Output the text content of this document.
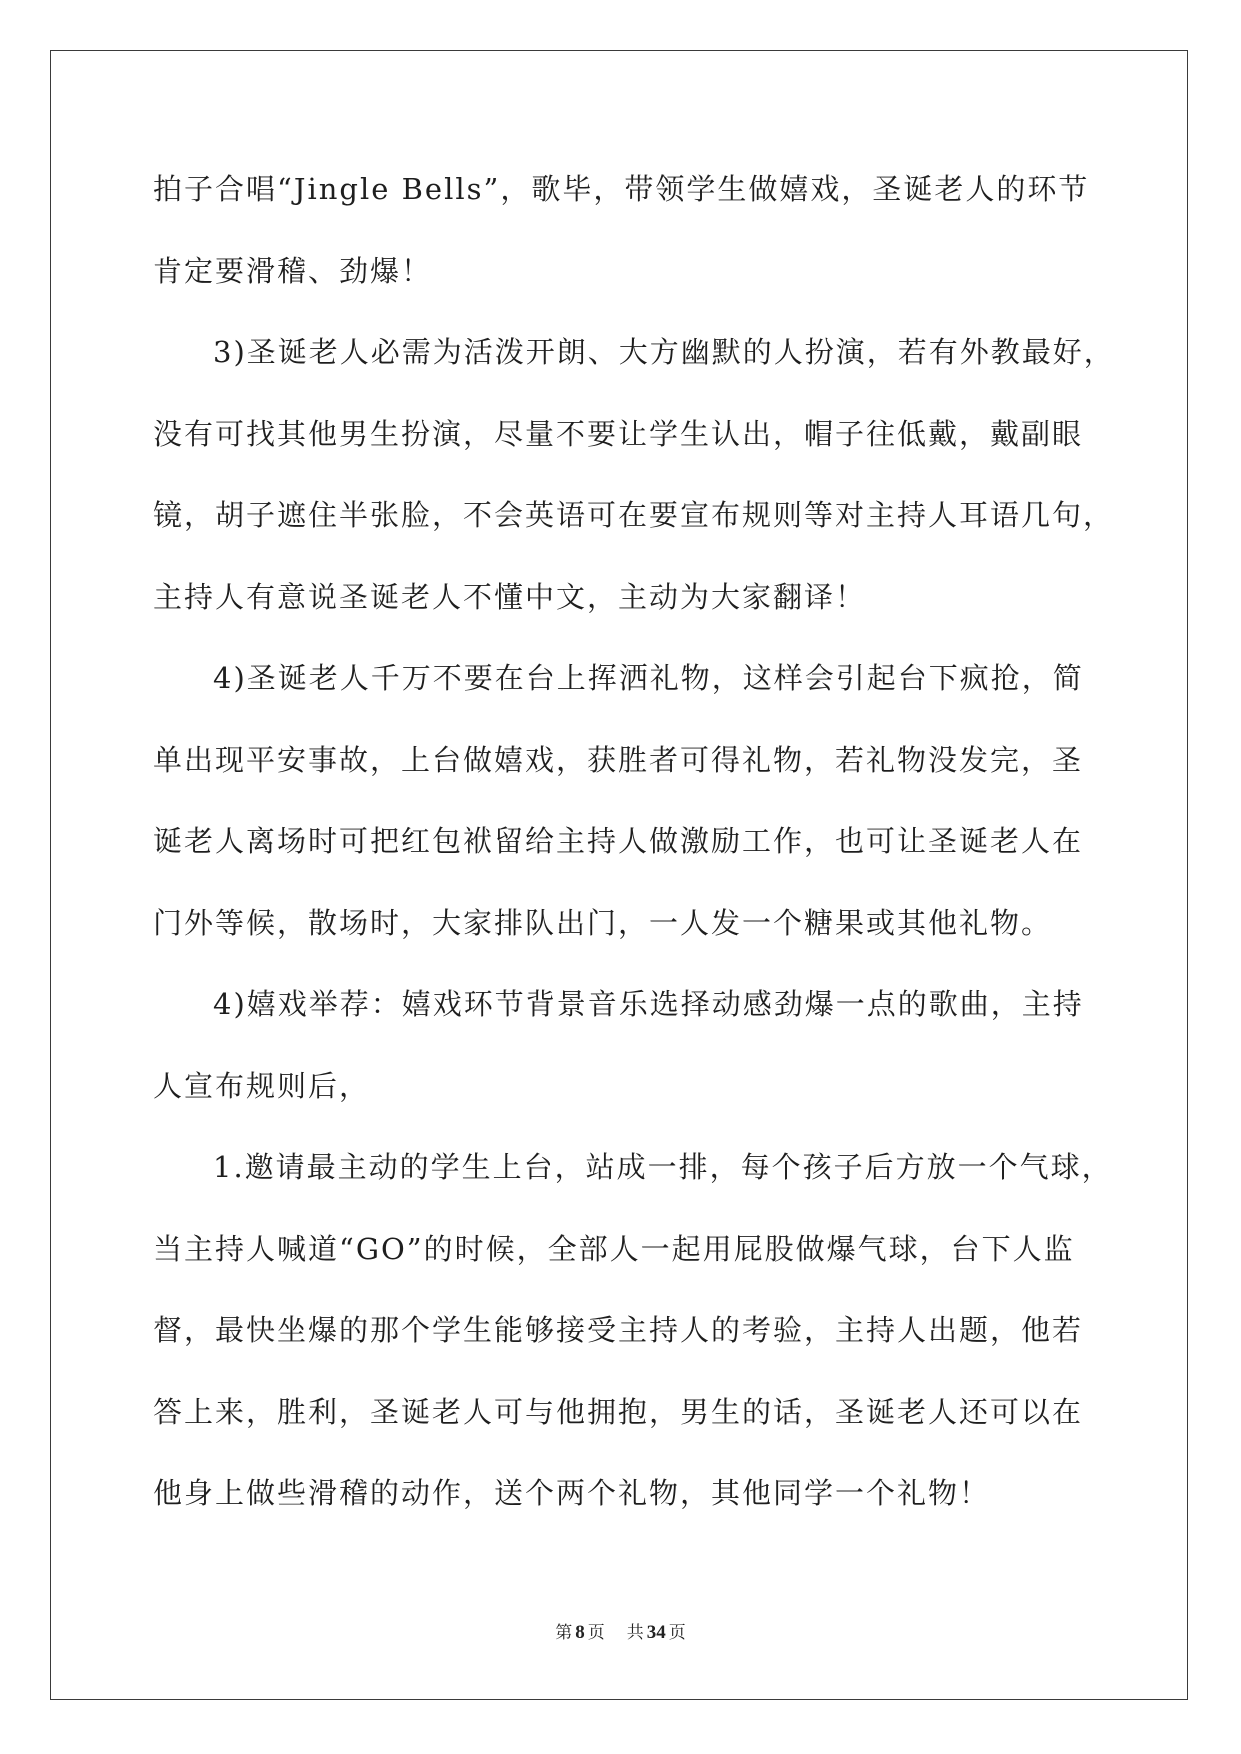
拍子合唱“Jingle Bells”，歌毕，带领学生做嬉戏，圣诞老人的环节
肯定要滑稽、劲爆！
3)圣诞老人必需为活泼开朗、大方幽默的人扮演，若有外教最好，
没有可找其他男生扮演，尽量不要让学生认出，帽子往低戴，戴副眼
镜，胡子遮住半张脸，不会英语可在要宣布规则等对主持人耳语几句，
主持人有意说圣诞老人不懂中文，主动为大家翻译！
4)圣诞老人千万不要在台上挥洒礼物，这样会引起台下疯抢，简
单出现平安事故，上台做嬉戏，获胜者可得礼物，若礼物没发完，圣
诞老人离场时可把红包袱留给主持人做激励工作，也可让圣诞老人在
门外等候，散场时，大家排队出门，一人发一个糖果或其他礼物。
4)嬉戏举荐：嬉戏环节背景音乐选择动感劲爆一点的歌曲，主持
人宣布规则后，
1.邀请最主动的学生上台，站成一排，每个孩子后方放一个气球，
当主持人喊道“GO”的时候，全部人一起用屁股做爆气球，台下人监
督，最快坐爆的那个学生能够接受主持人的考验，主持人出题，他若
答上来，胜利，圣诞老人可与他拥抱，男生的话，圣诞老人还可以在
他身上做些滑稽的动作，送个两个礼物，其他同学一个礼物！
第 8 页 共 34 页
